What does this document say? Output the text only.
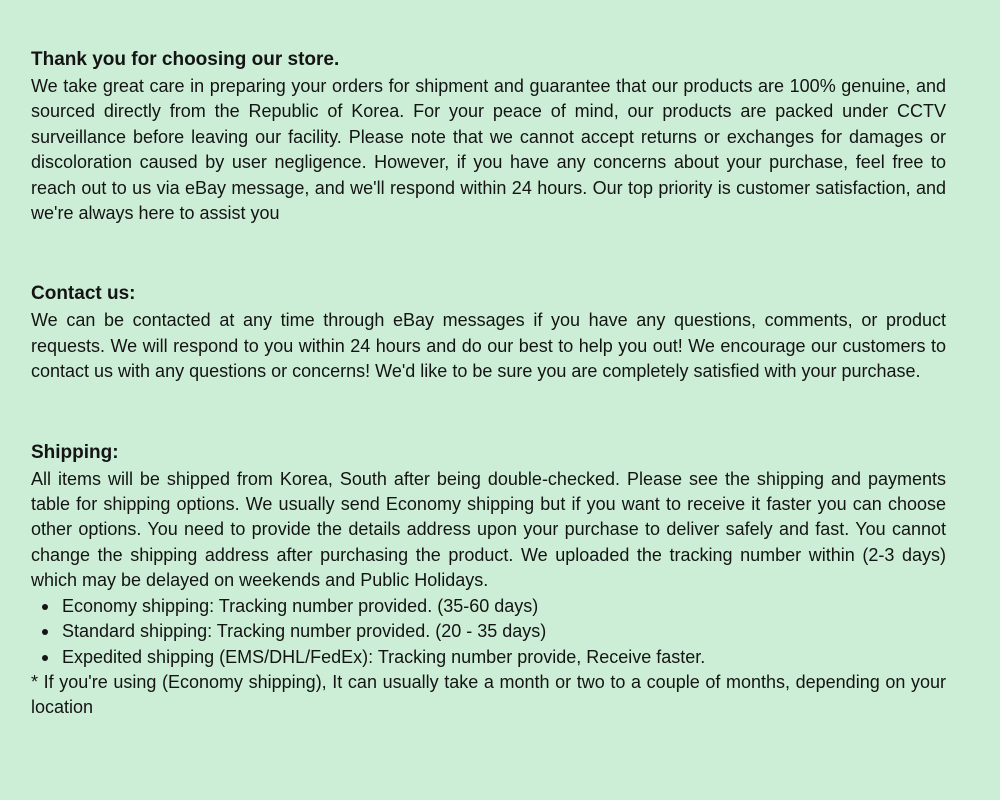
Thank you for choosing our store.

We take great care in preparing your orders for shipment and guarantee that our products are 100% genuine, and sourced directly from the Republic of Korea. For your peace of mind, our products are packed under CCTV surveillance before leaving our facility. Please note that we cannot accept returns or exchanges for damages or discoloration caused by user negligence. However, if you have any concerns about your purchase, feel free to reach out to us via eBay message, and we'll respond within 24 hours. Our top priority is customer satisfaction, and we're always here to assist you

Contact us:

We can be contacted at any time through eBay messages if you have any questions, comments, or product requests. We will respond to you within 24 hours and do our best to help you out! We encourage our customers to contact us with any questions or concerns! We'd like to be sure you are completely satisfied with your purchase.

Shipping:

All items will be shipped from Korea, South after being double-checked. Please see the shipping and payments table for shipping options. We usually send Economy shipping but if you want to receive it faster you can choose other options. You need to provide the details address upon your purchase to deliver safely and fast. You cannot change the shipping address after purchasing the product. We uploaded the tracking number within (2-3 days) which may be delayed on weekends and Public Holidays.

Economy shipping: Tracking number provided. (35-60 days)
Standard shipping: Tracking number provided. (20 - 35 days)
Expedited shipping (EMS/DHL/FedEx): Tracking number provide, Receive faster.

* If you're using (Economy shipping), It can usually take a month or two to a couple of months, depending on your location
